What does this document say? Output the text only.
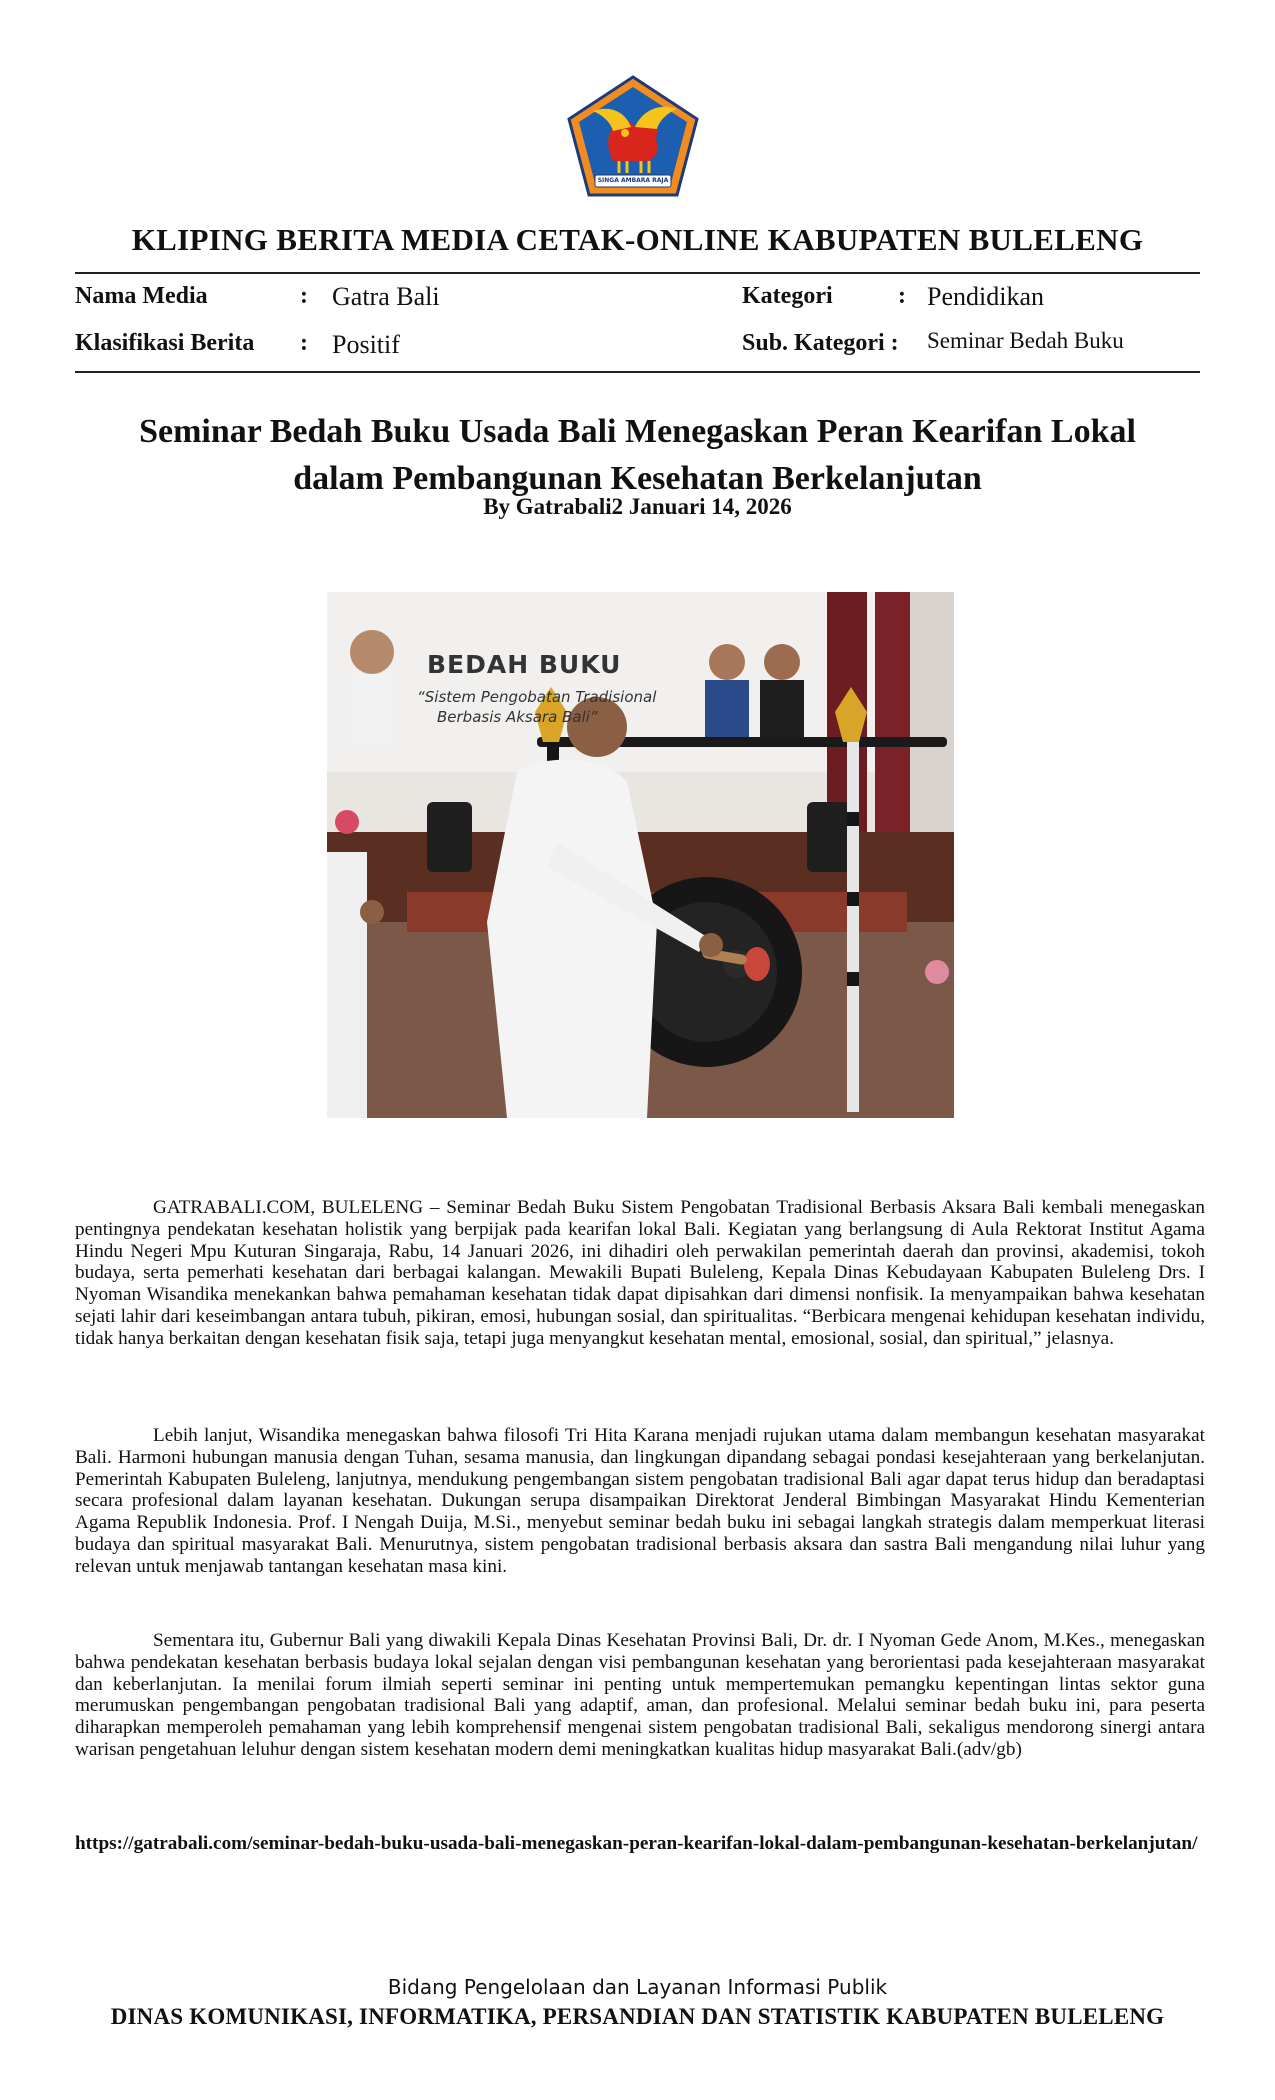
SINGA AMBARA RAJA
KLIPING BERITA MEDIA CETAK-ONLINE KABUPATEN BULELENG
Nama Media	: Gatra Bali	Kategori	: Pendidikan
Klasifikasi Berita : Positif	Sub. Kategori : Seminar Bedah Buku
Seminar Bedah Buku Usada Bali Menegaskan Peran Kearifan Lokal dalam Pembangunan Kesehatan Berkelanjutan
By Gatrabali2 Januari 14, 2026
BEDAH BUKU
“Sistem Pengobatan Tradisional
Berbasis Aksara Bali”

GATRABALI.COM, BULELENG – Seminar Bedah Buku Sistem Pengobatan Tradisional Berbasis Aksara Bali kembali menegaskan pentingnya pendekatan kesehatan holistik yang berpijak pada kearifan lokal Bali. Kegiatan yang berlangsung di Aula Rektorat Institut Agama Hindu Negeri Mpu Kuturan Singaraja, Rabu, 14 Januari 2026, ini dihadiri oleh perwakilan pemerintah daerah dan provinsi, akademisi, tokoh budaya, serta pemerhati kesehatan dari berbagai kalangan. Mewakili Bupati Buleleng, Kepala Dinas Kebudayaan Kabupaten Buleleng Drs. I Nyoman Wisandika menekankan bahwa pemahaman kesehatan tidak dapat dipisahkan dari dimensi nonfisik. Ia menyampaikan bahwa kesehatan sejati lahir dari keseimbangan antara tubuh, pikiran, emosi, hubungan sosial, dan spiritualitas. “Berbicara mengenai kehidupan kesehatan individu, tidak hanya berkaitan dengan kesehatan fisik saja, tetapi juga menyangkut kesehatan mental, emosional, sosial, dan spiritual,” jelasnya.

Lebih lanjut, Wisandika menegaskan bahwa filosofi Tri Hita Karana menjadi rujukan utama dalam membangun kesehatan masyarakat Bali. Harmoni hubungan manusia dengan Tuhan, sesama manusia, dan lingkungan dipandang sebagai pondasi kesejahteraan yang berkelanjutan. Pemerintah Kabupaten Buleleng, lanjutnya, mendukung pengembangan sistem pengobatan tradisional Bali agar dapat terus hidup dan beradaptasi secara profesional dalam layanan kesehatan. Dukungan serupa disampaikan Direktorat Jenderal Bimbingan Masyarakat Hindu Kementerian Agama Republik Indonesia. Prof. I Nengah Duija, M.Si., menyebut seminar bedah buku ini sebagai langkah strategis dalam memperkuat literasi budaya dan spiritual masyarakat Bali. Menurutnya, sistem pengobatan tradisional berbasis aksara dan sastra Bali mengandung nilai luhur yang relevan untuk menjawab tantangan kesehatan masa kini.

Sementara itu, Gubernur Bali yang diwakili Kepala Dinas Kesehatan Provinsi Bali, Dr. dr. I Nyoman Gede Anom, M.Kes., menegaskan bahwa pendekatan kesehatan berbasis budaya lokal sejalan dengan visi pembangunan kesehatan yang berorientasi pada kesejahteraan masyarakat dan keberlanjutan. Ia menilai forum ilmiah seperti seminar ini penting untuk mempertemukan pemangku kepentingan lintas sektor guna merumuskan pengembangan pengobatan tradisional Bali yang adaptif, aman, dan profesional. Melalui seminar bedah buku ini, para peserta diharapkan memperoleh pemahaman yang lebih komprehensif mengenai sistem pengobatan tradisional Bali, sekaligus mendorong sinergi antara warisan pengetahuan leluhur dengan sistem kesehatan modern demi meningkatkan kualitas hidup masyarakat Bali.(adv/gb)

https://gatrabali.com/seminar-bedah-buku-usada-bali-menegaskan-peran-kearifan-lokal-dalam-pembangunan-kesehatan-berkelanjutan/

Bidang Pengelolaan dan Layanan Informasi Publik
DINAS KOMUNIKASI, INFORMATIKA, PERSANDIAN DAN STATISTIK KABUPATEN BULELENG
